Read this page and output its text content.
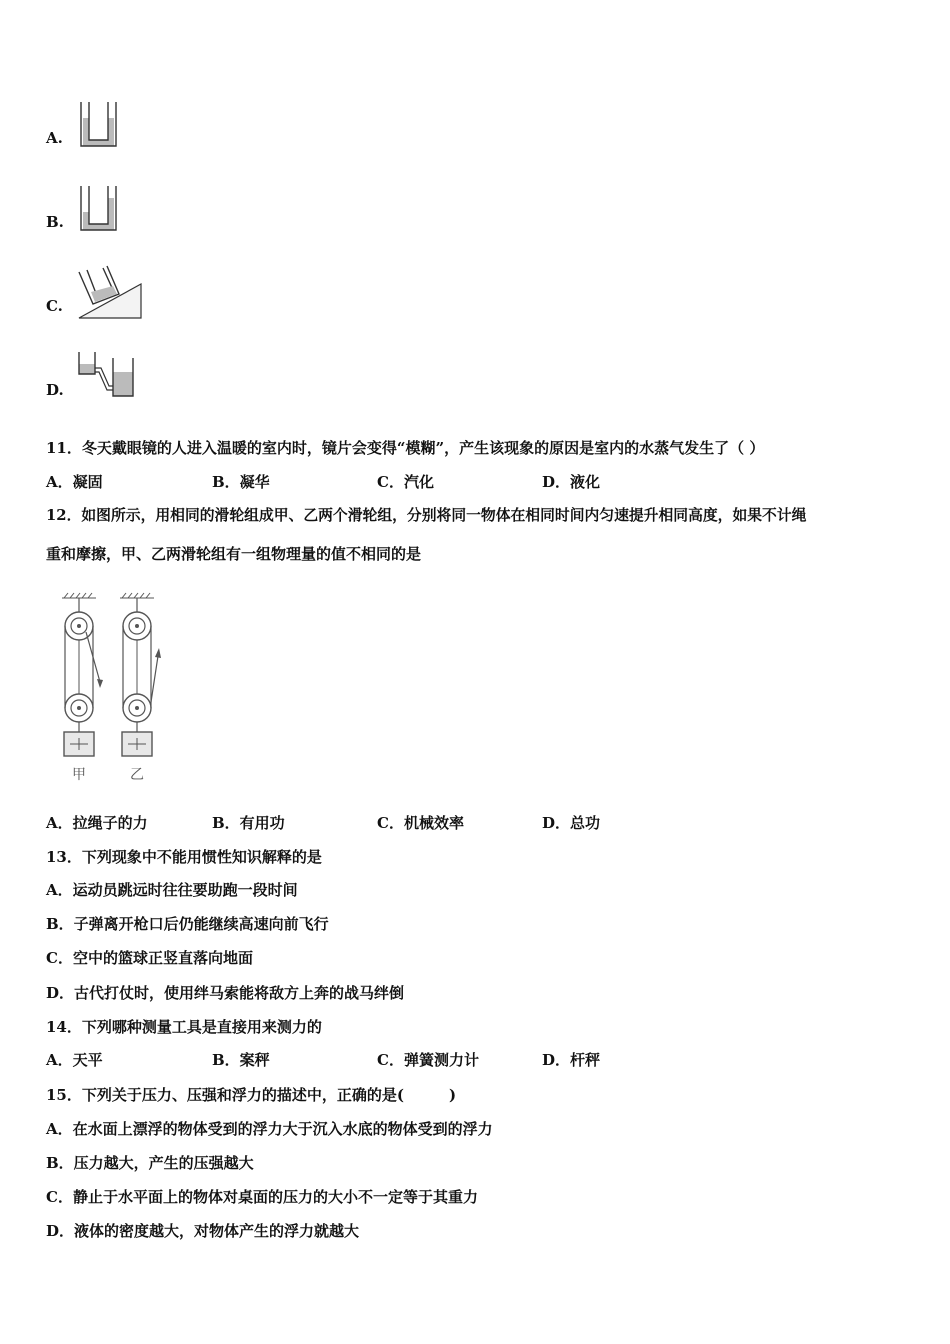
A.
B.
C.
D.
11．冬天戴眼镜的人进入温暖的室内时，镜片会变得“模糊”，产生该现象的原因是室内的水蒸气发生了（ ）
A．凝固	B．凝华	C．汽化	D．液化
12．如图所示，用相同的滑轮组成甲、乙两个滑轮组，分别将同一物体在相同时间内匀速提升相同高度，如果不计绳
重和摩擦，甲、乙两滑轮组有一组物理量的值不相同的是
甲	乙
A．拉绳子的力	B．有用功	C．机械效率	D．总功
13．下列现象中不能用惯性知识解释的是
A．运动员跳远时往往要助跑一段时间
B．子弹离开枪口后仍能继续高速向前飞行
C．空中的篮球正竖直落向地面
D．古代打仗时，使用绊马索能将敌方上奔的战马绊倒
14．下列哪种测量工具是直接用来测力的
A．天平	B．案秤	C．弹簧测力计	D．杆秤
15．下列关于压力、压强和浮力的描述中，正确的是(　　　)
A．在水面上漂浮的物体受到的浮力大于沉入水底的物体受到的浮力
B．压力越大，产生的压强越大
C．静止于水平面上的物体对桌面的压力的大小不一定等于其重力
D．液体的密度越大，对物体产生的浮力就越大
